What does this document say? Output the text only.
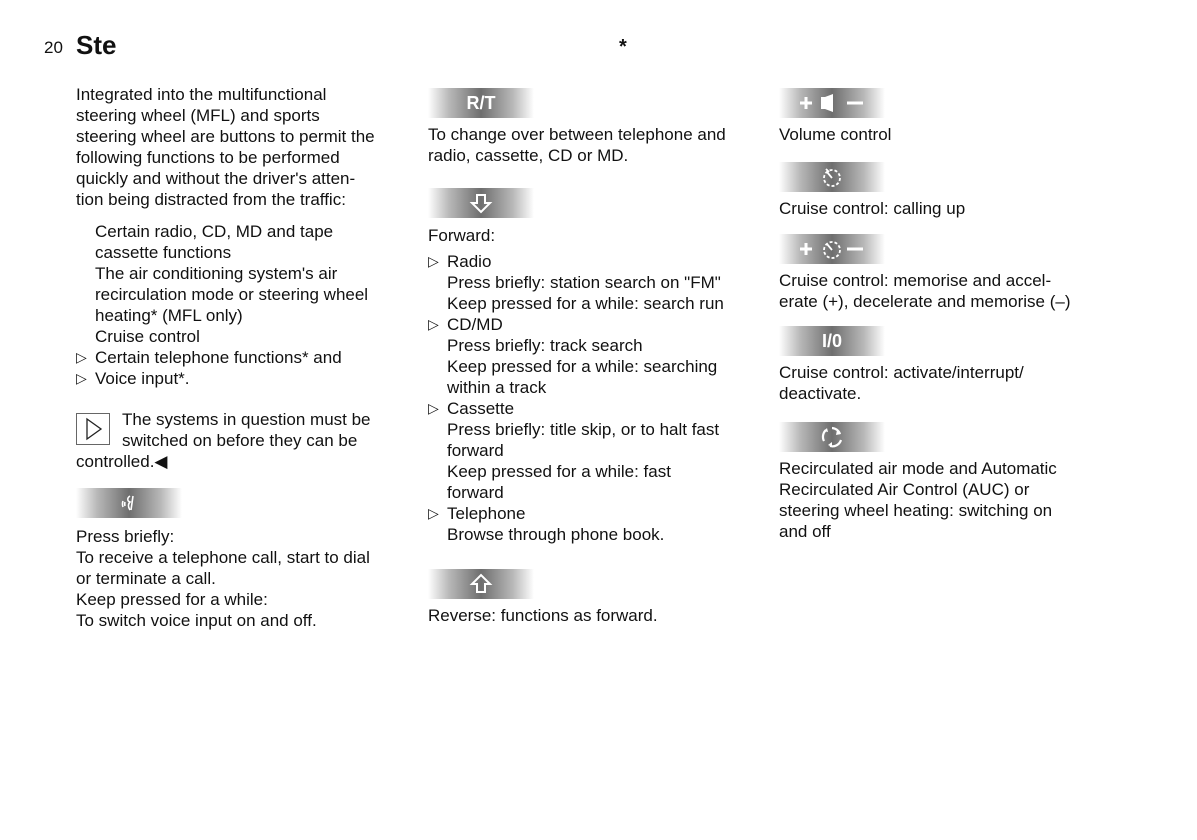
20 Ste	*

Integrated into the multifunctional

steering wheel (MFL) and sports

steering wheel are buttons to permit the

following functions to be performed

quickly and without the driver's atten-

tion being distracted from the traffic:

Certain radio, CD, MD and tape

cassette functions

The air conditioning system's air

recirculation mode or steering wheel

heating* (MFL only)

Cruise control

▷ Certain telephone functions* and

▷ Voice input*.

The systems in question must be

switched on before they can be

controlled.◀

Press briefly:

To receive a telephone call, start to dial

or terminate a call.

Keep pressed for a while:

To switch voice input on and off.

R/T

To change over between telephone and

radio, cassette, CD or MD.

Forward:

▷ Radio

Press briefly: station search on "FM"

Keep pressed for a while: search run

▷ CD/MD

Press briefly: track search

Keep pressed for a while: searching

within a track

▷ Cassette

Press briefly: title skip, or to halt fast

forward

Keep pressed for a while: fast

forward

▷ Telephone

Browse through phone book.

Reverse: functions as forward.

Volume control

Cruise control: calling up

Cruise control: memorise and accel-

erate (+), decelerate and memorise (–)

I/0

Cruise control: activate/interrupt/

deactivate.

Recirculated air mode and Automatic

Recirculated Air Control (AUC) or

steering wheel heating: switching on

and off
